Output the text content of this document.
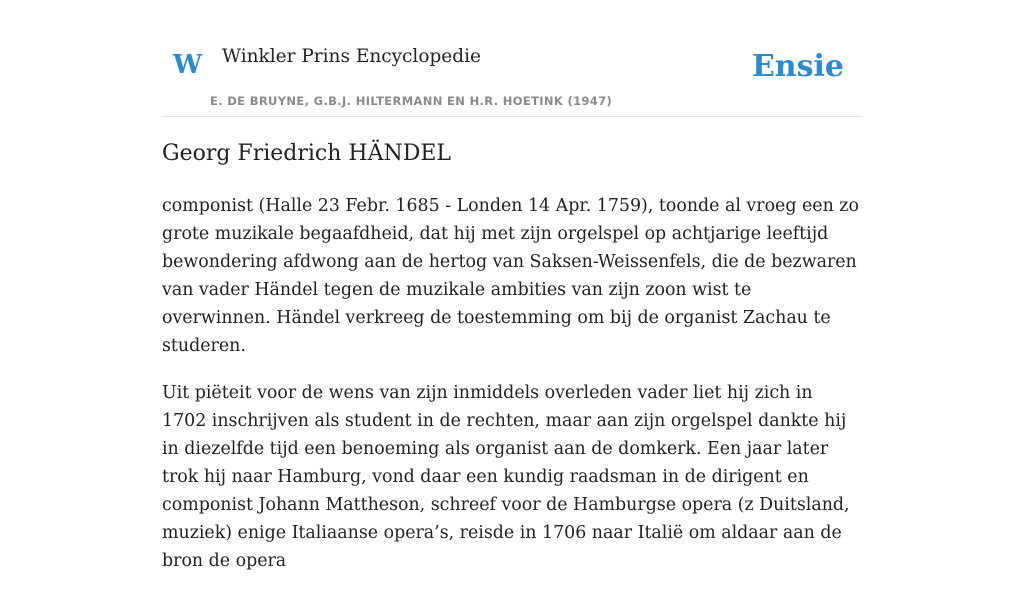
W Winkler Prins Encyclopedie
E. DE BRUYNE, G.B.J. HILTERMANN EN H.R. HOETINK (1947)
Ensie
Georg Friedrich HÄNDEL

componist (Halle 23 Febr. 1685 - Londen 14 Apr. 1759), toonde al vroeg een zo grote muzikale begaafdheid, dat hij met zijn orgelspel op achtjarige leeftijd bewondering afdwong aan de hertog van Saksen-Weissenfels, die de bezwaren van vader Händel tegen de muzikale ambities van zijn zoon wist te overwinnen. Händel verkreeg de toestemming om bij de organist Zachau te studeren.

Uit piëteit voor de wens van zijn inmiddels overleden vader liet hij zich in 1702 inschrijven als student in de rechten, maar aan zijn orgelspel dankte hij in diezelfde tijd een benoeming als organist aan de domkerk. Een jaar later trok hij naar Hamburg, vond daar een kundig raadsman in de dirigent en componist Johann Mattheson, schreef voor de Hamburgse opera (z Duitsland, muziek) enige Italiaanse opera’s, reisde in 1706 naar Italië om aldaar aan de bron de opera
